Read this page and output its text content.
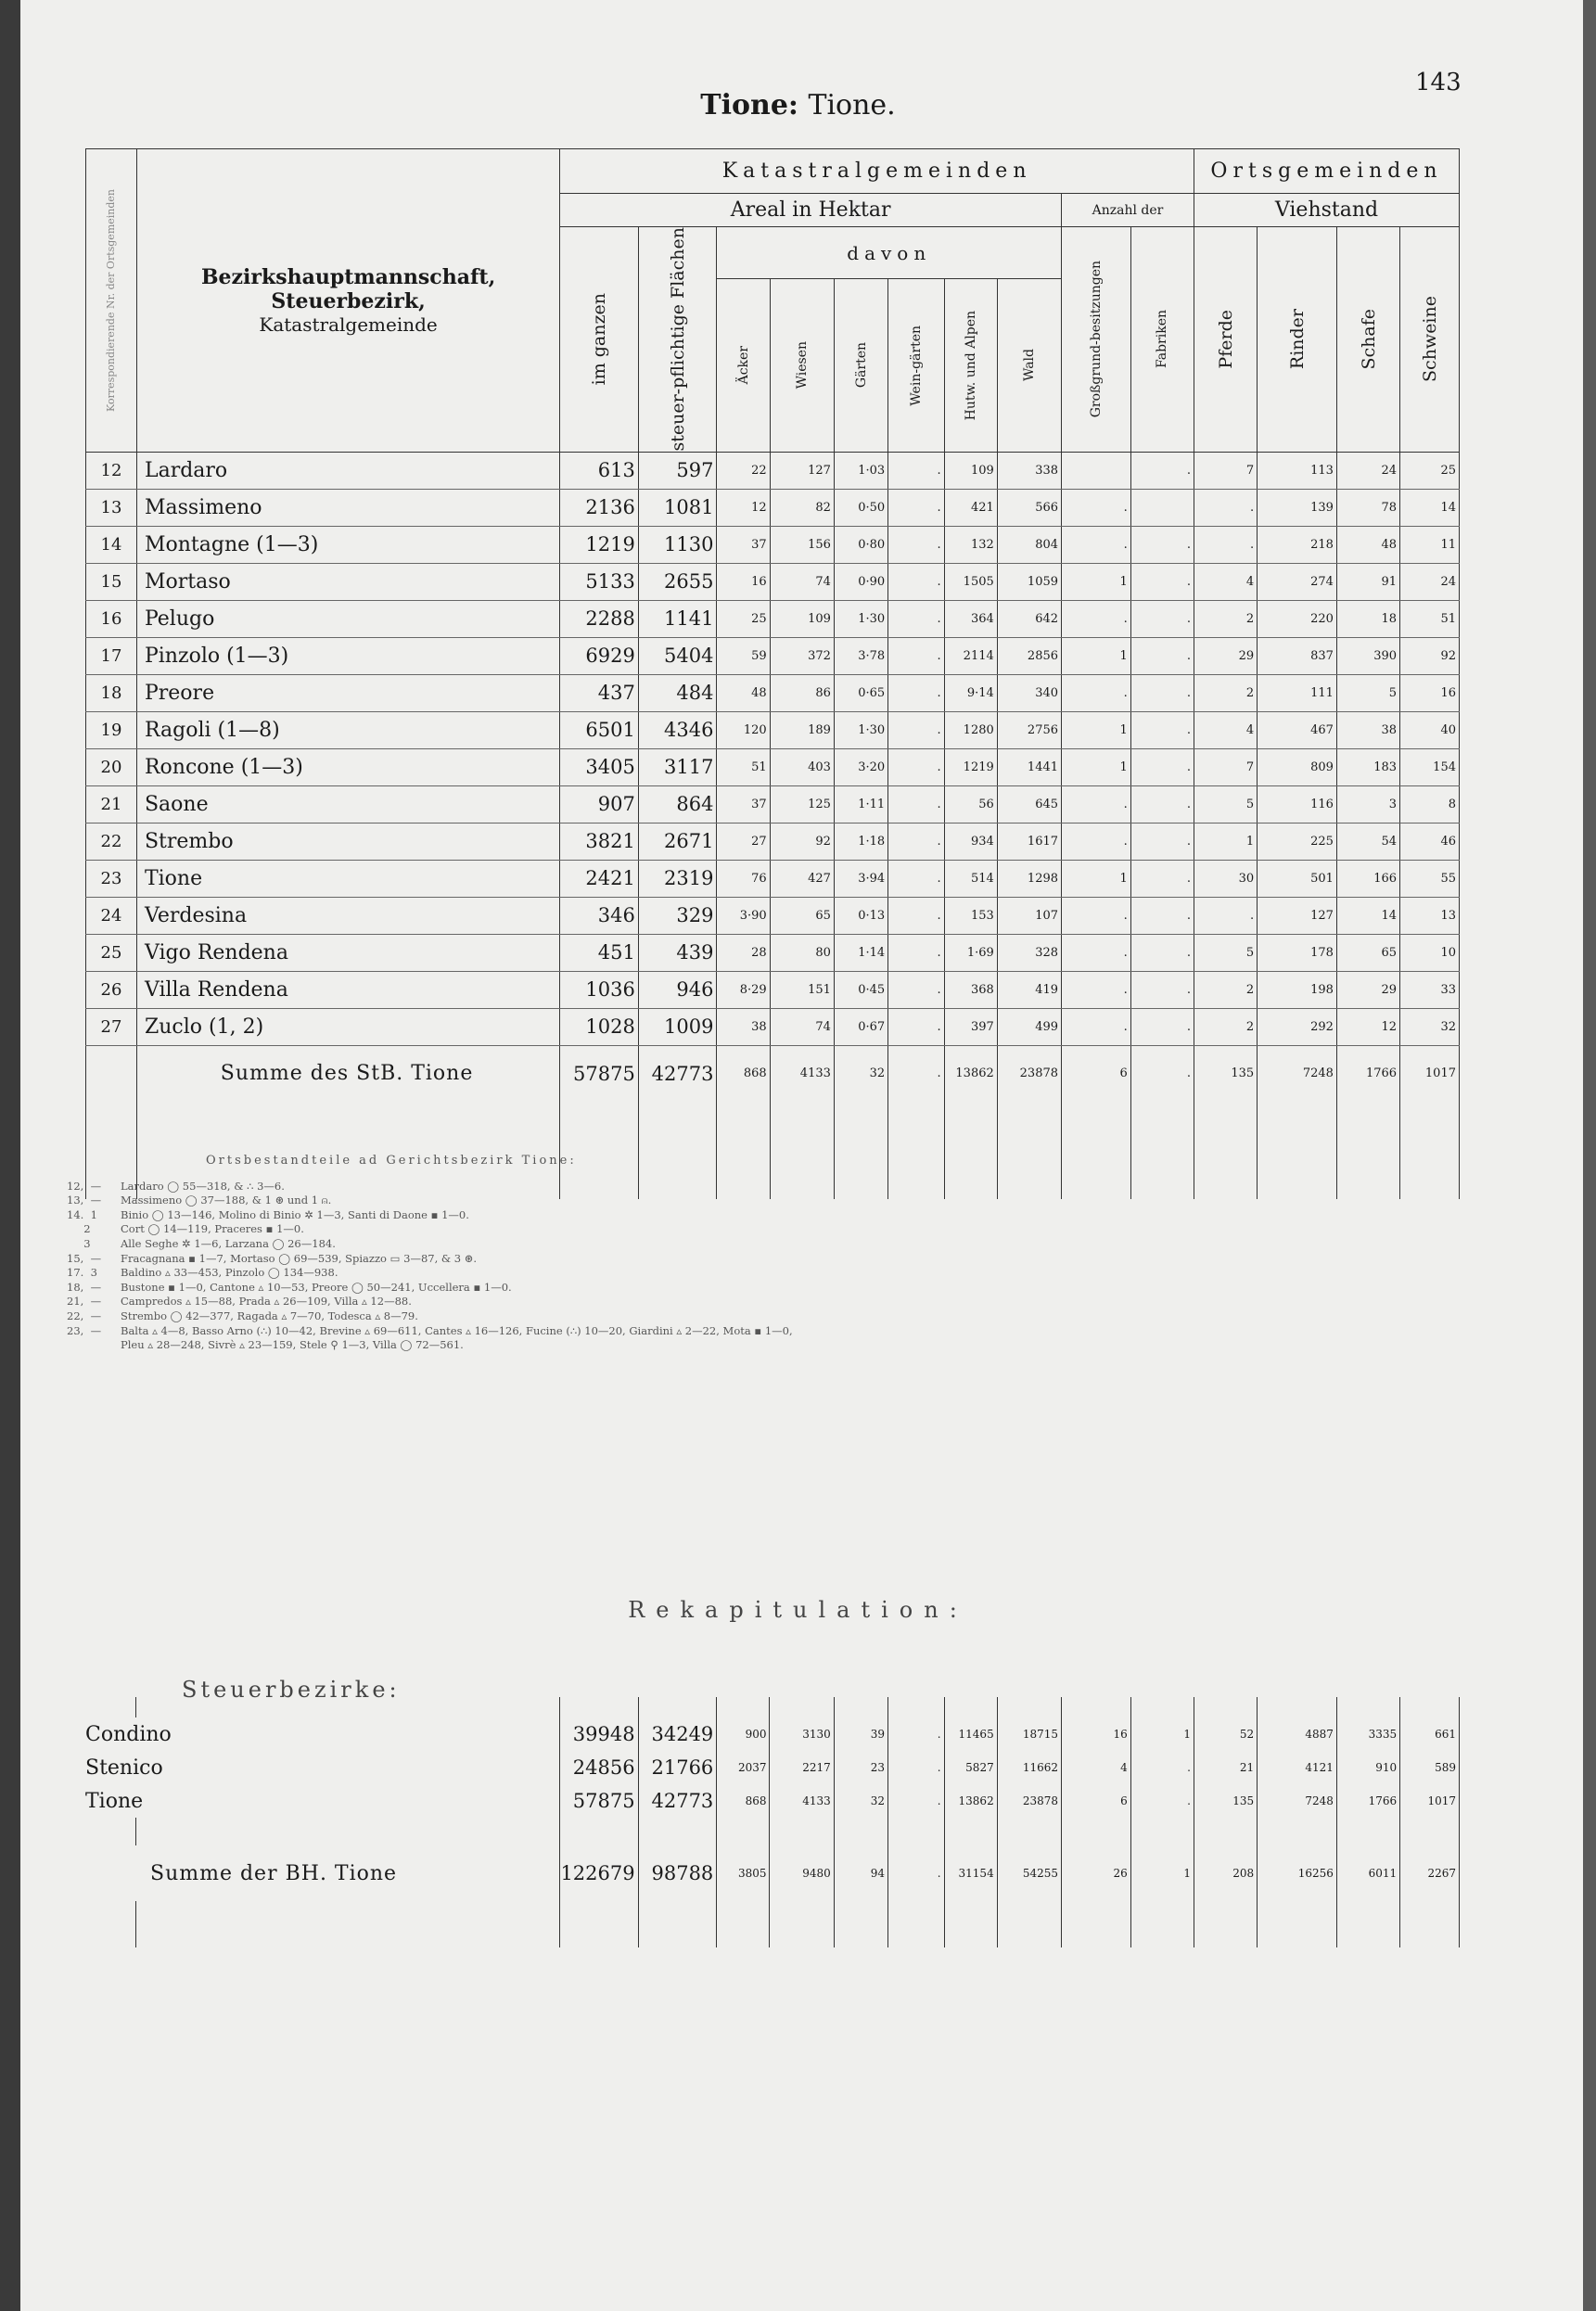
Tione: Tione.
143
Korrespondierende Nr. der Ortsgemeinden	Bezirkshauptmannschaft,
Steuerbezirk,
Katastralgemeinde	Katastralgemeinden										Ortsgemeinden			
		Areal in Hektar								Anzahl der		Viehstand			

		im ganzen	steuer-pflichtige Flächen	davon						Großgrund-besitzungen	Fabriken	Pferde	Rinder	Schafe	Schweine

				Äcker	Wiesen	Gärten	Wein-gärten	Hutw. und Alpen	Wald						

12	Lardaro	613	597	22	127	1·03	.	109	338		.	7	113	24	25
13	Massimeno	2136	1081	12	82	0·50	.	421	566	.		.	139	78	14
14	Montagne (1—3)	1219	1130	37	156	0·80	.	132	804	.	.	.	218	48	11
15	Mortaso	5133	2655	16	74	0·90	.	1505	1059	1	.	4	274	91	24
16	Pelugo	2288	1141	25	109	1·30	.	364	642	.	.	2	220	18	51
17	Pinzolo (1—3)	6929	5404	59	372	3·78	.	2114	2856	1	.	29	837	390	92
18	Preore	437	484	48	86	0·65	.	9·14	340	.	.	2	111	5	16
19	Ragoli (1—8)	6501	4346	120	189	1·30	.	1280	2756	1	.	4	467	38	40
20	Roncone (1—3)	3405	3117	51	403	3·20	.	1219	1441	1	.	7	809	183	154
21	Saone	907	864	37	125	1·11	.	56	645	.	.	5	116	3	8
22	Strembo	3821	2671	27	92	1·18	.	934	1617	.	.	1	225	54	46
23	Tione	2421	2319	76	427	3·94	.	514	1298	1	.	30	501	166	55
24	Verdesina	346	329	3·90	65	0·13	.	153	107	.	.	.	127	14	13
25	Vigo Rendena	451	439	28	80	1·14	.	1·69	328	.	.	5	178	65	10
26	Villa Rendena	1036	946	8·29	151	0·45	.	368	419	.	.	2	198	29	33
27	Zuclo (1, 2)	1028	1009	38	74	0·67	.	397	499	.	.	2	292	12	32
	Summe des StB. Tione	57875	42773	868	4133	32	.	13862	23878	6	.	135	7248	1766	1017

Ortsbestandteile ad Gerichtsbezirk Tione:
12,  — Lardaro ◯ 55—318, & ∴ 3—6.
13,  — Massimeno ◯ 37—188, & 1 ⊛ und 1 ⍝.
14.  1 Binio ◯ 13—146, Molino di Binio ✲ 1—3, Santi di Daone ▪ 1—0.
2	Cort ◯ 14—119, Praceres ▪ 1—0.
3	Alle Seghe ✲ 1—6, Larzana ◯ 26—184.
15,  — Fracagnana ▪ 1—7, Mortaso ◯ 69—539, Spiazzo ▭ 3—87, & 3 ⊛.
17.  3 Baldino ▵ 33—453, Pinzolo ◯ 134—938.
18,  — Bustone ▪ 1—0, Cantone ▵ 10—53, Preore ◯ 50—241, Uccellera ▪ 1—0.
21,  — Campredos ▵ 15—88, Prada ▵ 26—109, Villa ▵ 12—88.
22,  — Strembo ◯ 42—377, Ragada ▵ 7—70, Todesca ▵ 8—79.
23,  — Balta ▵ 4—8, Basso Arno (∴) 10—42, Brevine ▵ 69—611, Cantes ▵ 16—126, Fucine (∴) 10—20, Giardini ▵ 2—22, Mota ▪ 1—0,
Pleu ▵ 28—248, Sivrè ▵ 23—159, Stele ⚲ 1—3, Villa ◯ 72—561.
Rekapitulation:
Steuerbezirke:

Condino		39948	34249	900	3130	39	.	11465	18715	16	1	52	4887	3335	661
Stenico		24856	21766	2037	2217	23	.	5827	11662	4	.	21	4121	910	589
Tione		57875	42773	868	4133	32	.	13862	23878	6	.	135	7248	1766	1017

Summe der BH. Tione		122679	98788	3805	9480	94	.	31154	54255	26	1	208	16256	6011	2267
